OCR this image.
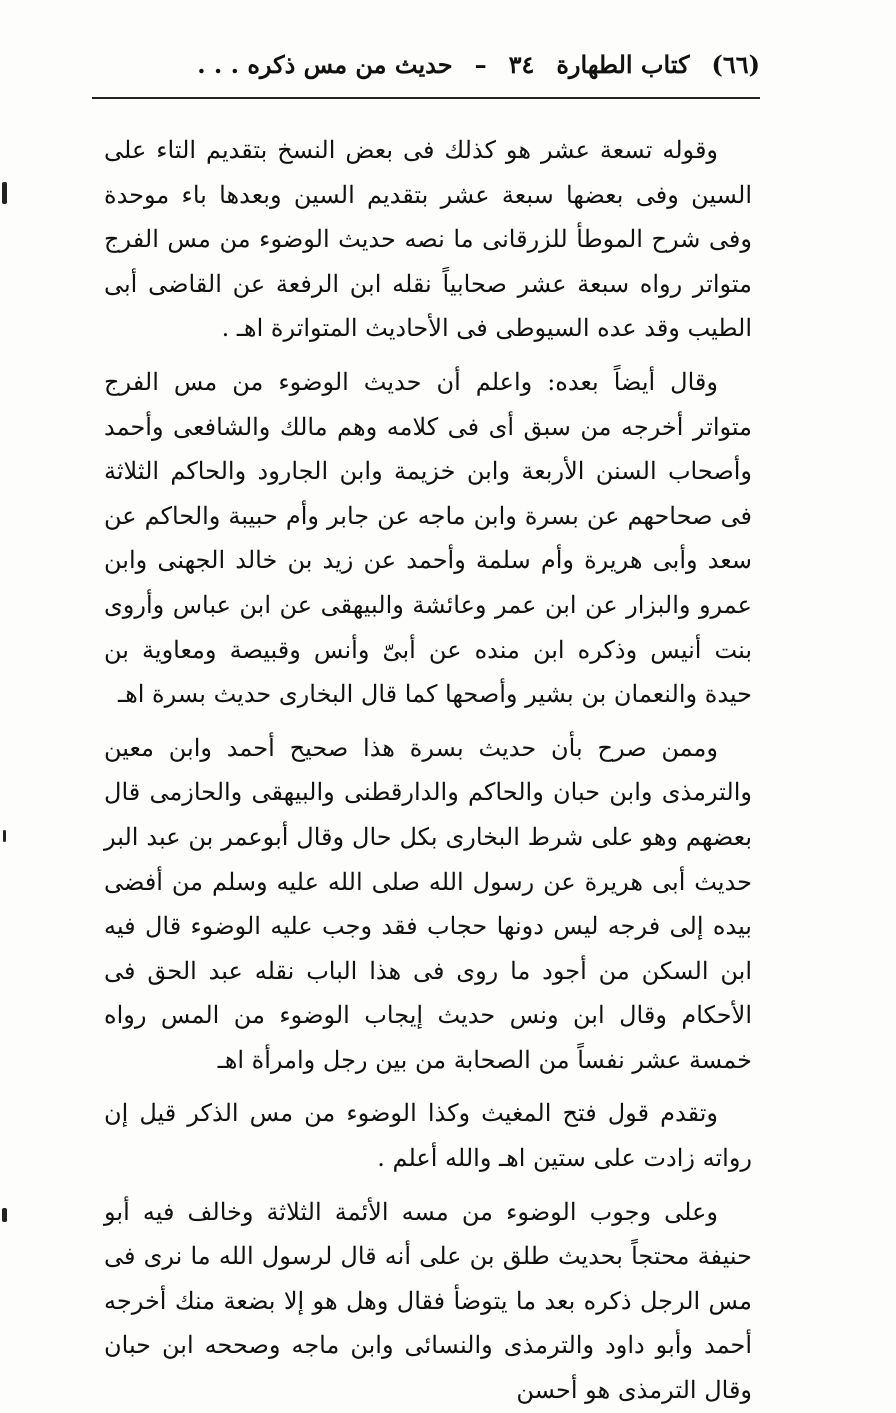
(٦٦)
كتاب الطهارة
٣٤
–
حديث من مس ذكره . . .

وقوله تسعة عشر هو كذلك فى بعض النسخ بتقديم التاء على السين وفى بعضها سبعة عشر بتقديم السين وبعدها باء موحدة وفى شرح الموطأ للزرقانى ما نصه حديث الوضوء من مس الفرج متواتر رواه سبعة عشر صحابياً نقله ابن الرفعة عن القاضى أبى الطيب وقد عده السيوطى فى الأحاديث المتواترة اهـ .

وقال أيضاً بعده: واعلم أن حديث الوضوء من مس الفرج متواتر أخرجه من سبق أى فى كلامه وهم مالك والشافعى وأحمد وأصحاب السنن الأربعة وابن خزيمة وابن الجارود والحاكم الثلاثة فى صحاحهم عن بسرة وابن ماجه عن جابر وأم حبيبة والحاكم عن سعد وأبى هريرة وأم سلمة وأحمد عن زيد بن خالد الجهنى وابن عمرو والبزار عن ابن عمر وعائشة والبيهقى عن ابن عباس وأروى بنت أنيس وذكره ابن منده عن أبىّ وأنس وقبيصة ومعاوية بن حيدة والنعمان بن بشير وأصحها كما قال البخارى حديث بسرة اهـ

وممن صرح بأن حديث بسرة هذا صحيح أحمد وابن معين والترمذى وابن حبان والحاكم والدارقطنى والبيهقى والحازمى قال بعضهم وهو على شرط البخارى بكل حال وقال أبوعمر بن عبد البر حديث أبى هريرة عن رسول الله صلى الله عليه وسلم من أفضى بيده إلى فرجه ليس دونها حجاب فقد وجب عليه الوضوء قال فيه ابن السكن من أجود ما روى فى هذا الباب نقله عبد الحق فى الأحكام وقال ابن ونس حديث إيجاب الوضوء من المس رواه خمسة عشر نفساً من الصحابة من بين رجل وامرأة اهـ

وتقدم قول فتح المغيث وكذا الوضوء من مس الذكر قيل إن رواته زادت على ستين اهـ والله أعلم .

وعلى وجوب الوضوء من مسه الأئمة الثلاثة وخالف فيه أبو حنيفة محتجاً بحديث طلق بن على أنه قال لرسول الله ما نرى فى مس الرجل ذكره بعد ما يتوضأ فقال وهل هو إلا بضعة منك أخرجه أحمد وأبو داود والترمذى والنسائى وابن ماجه وصححه ابن حبان وقال الترمذى هو أحسن
